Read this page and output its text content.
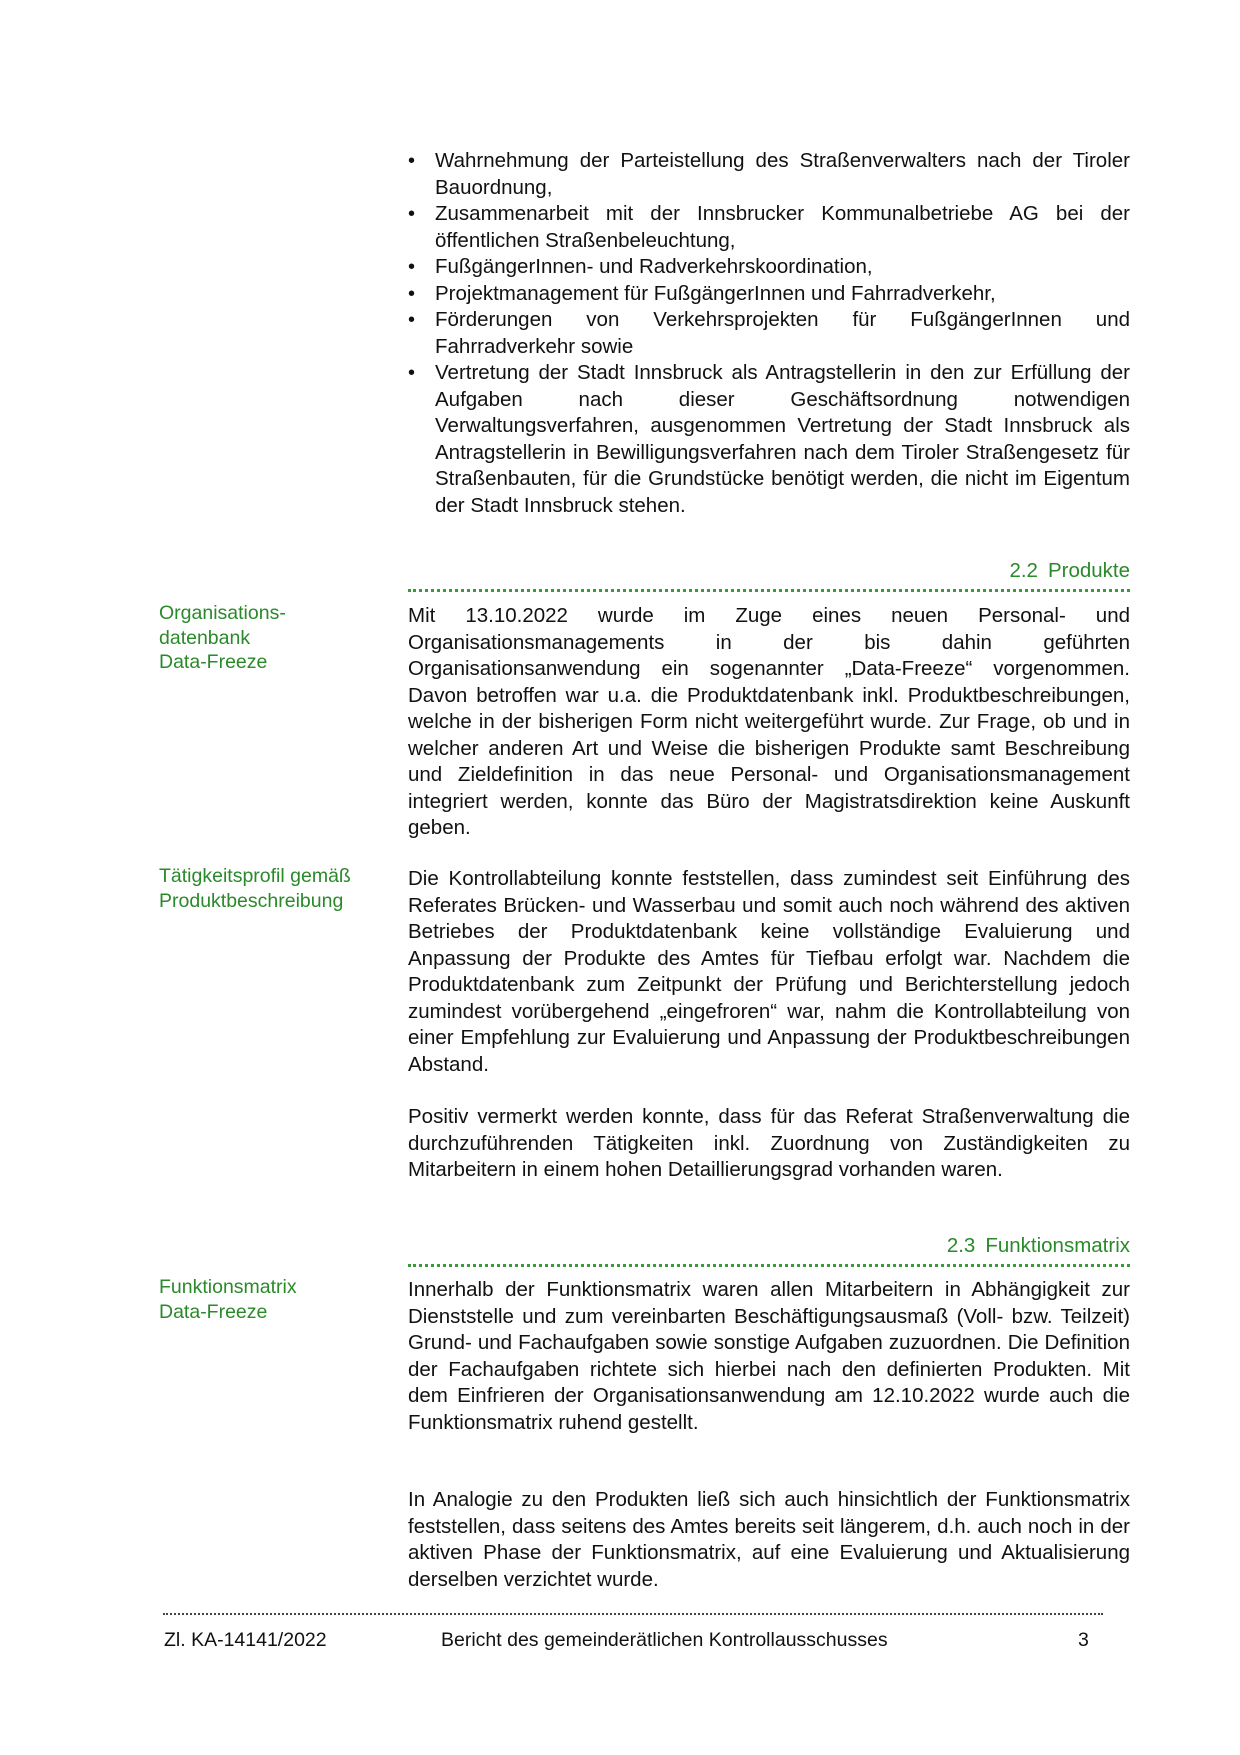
• Wahrnehmung der Parteistellung des Straßenverwalters nach der Tiroler Bauordnung,
• Zusammenarbeit mit der Innsbrucker Kommunalbetriebe AG bei der öffentlichen Straßenbeleuchtung,
• FußgängerInnen- und Radverkehrskoordination,
• Projektmanagement für FußgängerInnen und Fahrradverkehr,
• Förderungen von Verkehrsprojekten für FußgängerInnen und Fahrradverkehr sowie
• Vertretung der Stadt Innsbruck als Antragstellerin in den zur Erfüllung der Aufgaben nach dieser Geschäftsordnung notwendigen Verwaltungsverfahren, ausgenommen Vertretung der Stadt Innsbruck als Antragstellerin in Bewilligungsverfahren nach dem Tiroler Straßengesetz für Straßenbauten, für die Grundstücke benötigt werden, die nicht im Eigentum der Stadt Innsbruck stehen.
2.2 Produkte
Organisations-
datenbank
Data-Freeze

Mit 13.10.2022 wurde im Zuge eines neuen Personal- und Organisationsmanagements in der bis dahin geführten Organisationsanwendung ein sogenannter „Data-Freeze“ vorgenommen. Davon betroffen war u.a. die Produktdatenbank inkl. Produktbeschreibungen, welche in der bisherigen Form nicht weitergeführt wurde. Zur Frage, ob und in welcher anderen Art und Weise die bisherigen Produkte samt Beschreibung und Zieldefinition in das neue Personal- und Organisationsmanagement integriert werden, konnte das Büro der Magistratsdirektion keine Auskunft geben.

Tätigkeitsprofil gemäß
Produktbeschreibung

Die Kontrollabteilung konnte feststellen, dass zumindest seit Einführung des Referates Brücken- und Wasserbau und somit auch noch während des aktiven Betriebes der Produktdatenbank keine vollständige Evaluierung und Anpassung der Produkte des Amtes für Tiefbau erfolgt war. Nachdem die Produktdatenbank zum Zeitpunkt der Prüfung und Berichterstellung jedoch zumindest vorübergehend „eingefroren“ war, nahm die Kontrollabteilung von einer Empfehlung zur Evaluierung und Anpassung der Produktbeschreibungen Abstand.

Positiv vermerkt werden konnte, dass für das Referat Straßenverwaltung die durchzuführenden Tätigkeiten inkl. Zuordnung von Zuständigkeiten zu Mitarbeitern in einem hohen Detaillierungsgrad vorhanden waren.

2.3 Funktionsmatrix
Funktionsmatrix
Data-Freeze

Innerhalb der Funktionsmatrix waren allen Mitarbeitern in Abhängigkeit zur Dienststelle und zum vereinbarten Beschäftigungsausmaß (Voll- bzw. Teilzeit) Grund- und Fachaufgaben sowie sonstige Aufgaben zuzuordnen. Die Definition der Fachaufgaben richtete sich hierbei nach den definierten Produkten. Mit dem Einfrieren der Organisationsanwendung am 12.10.2022 wurde auch die Funktionsmatrix ruhend gestellt.

In Analogie zu den Produkten ließ sich auch hinsichtlich der Funktionsmatrix feststellen, dass seitens des Amtes bereits seit längerem, d.h. auch noch in der aktiven Phase der Funktionsmatrix, auf eine Evaluierung und Aktualisierung derselben verzichtet wurde.

Zl. KA-14141/2022	Bericht des gemeinderätlichen Kontrollausschusses	3
